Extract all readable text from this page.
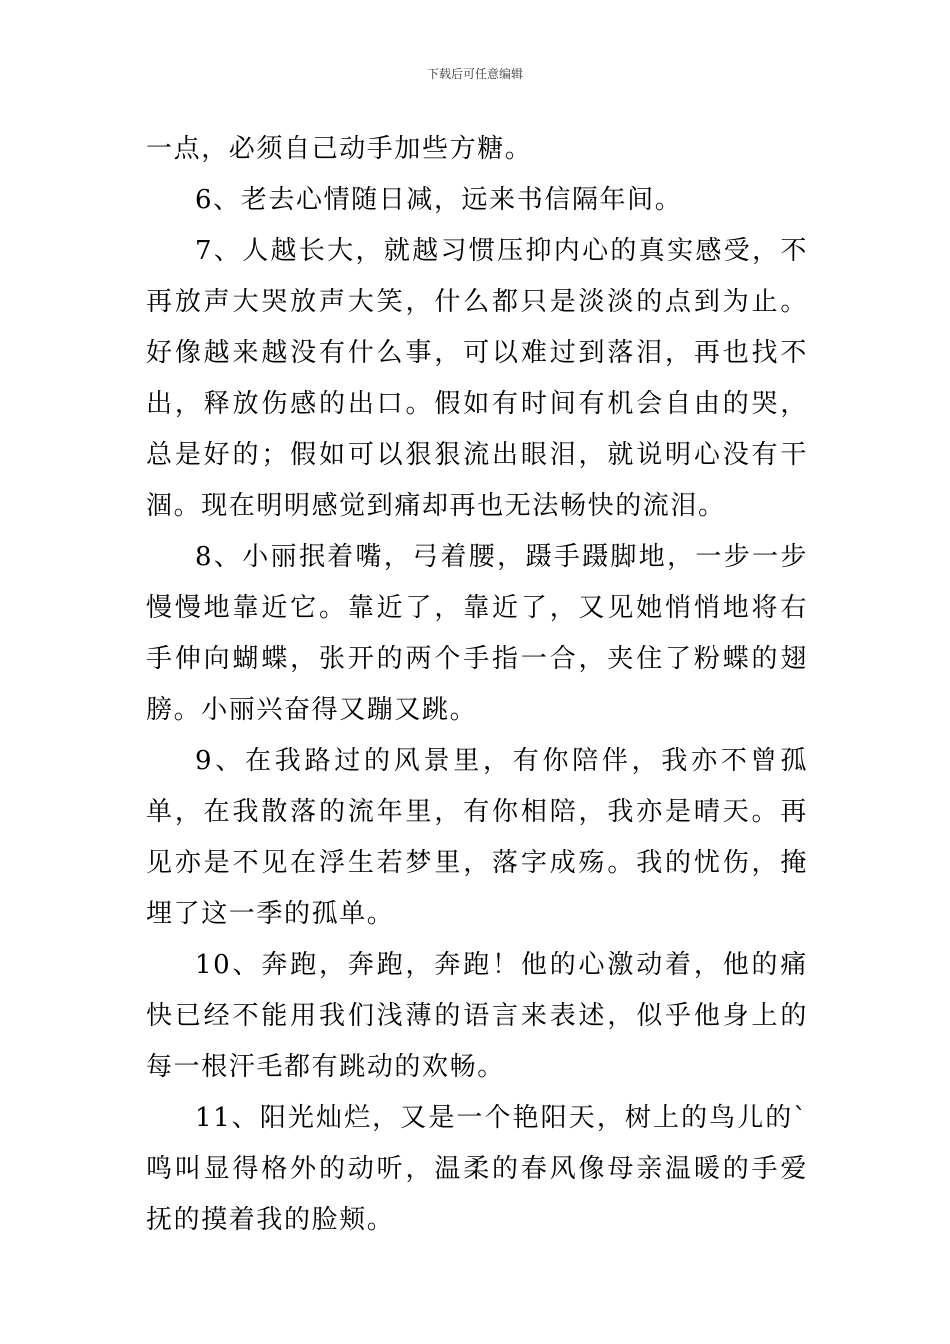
下载后可任意编辑

一点，必须自己动手加些方糖。

6、老去心情随日减，远来书信隔年间。

7、人越长大，就越习惯压抑内心的真实感受，不再放声大哭放声大笑，什么都只是淡淡的点到为止。好像越来越没有什么事，可以难过到落泪，再也找不出，释放伤感的出口。假如有时间有机会自由的哭，总是好的；假如可以狠狠流出眼泪，就说明心没有干涸。现在明明感觉到痛却再也无法畅快的流泪。

8、小丽抿着嘴，弓着腰，蹑手蹑脚地，一步一步慢慢地靠近它。靠近了，靠近了，又见她悄悄地将右手伸向蝴蝶，张开的两个手指一合，夹住了粉蝶的翅膀。小丽兴奋得又蹦又跳。

9、在我路过的风景里，有你陪伴，我亦不曾孤单，在我散落的流年里，有你相陪，我亦是晴天。再见亦是不见在浮生若梦里，落字成殇。我的忧伤，掩埋了这一季的孤单。

10、奔跑，奔跑，奔跑！他的心激动着，他的痛快已经不能用我们浅薄的语言来表述，似乎他身上的每一根汗毛都有跳动的欢畅。

11、阳光灿烂，又是一个艳阳天，树上的鸟儿的`鸣叫显得格外的动听，温柔的春风像母亲温暖的手爱抚的摸着我的脸颊。
